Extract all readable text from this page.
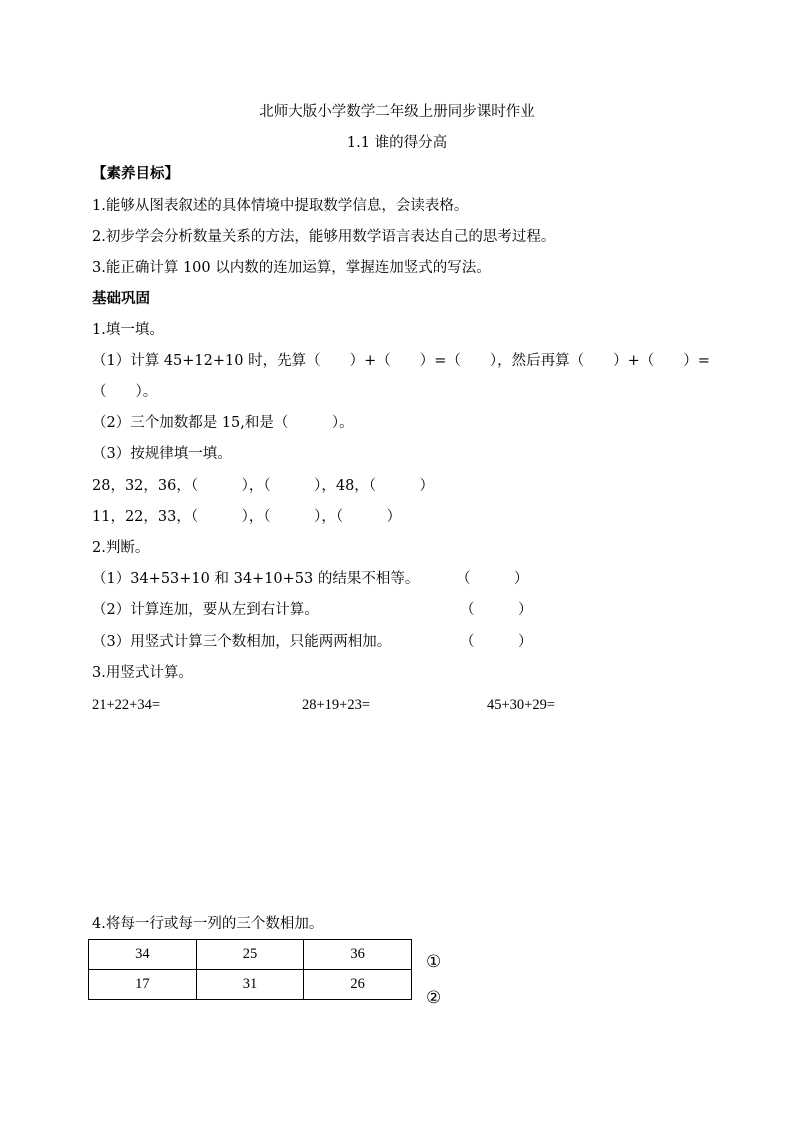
北师大版小学数学二年级上册同步课时作业
1.1 谁的得分高
【素养目标】
1.能够从图表叙述的具体情境中提取数学信息，会读表格。
2.初步学会分析数量关系的方法，能够用数学语言表达自己的思考过程。
3.能正确计算 100 以内数的连加运算，掌握连加竖式的写法。
基础巩固
1.填一填。
（1）计算 45+12+10 时，先算（　　）+（　　）=（　　），然后再算（　　）+（　　）=
（　　）。
（2）三个加数都是 15,和是（　　　）。
（3）按规律填一填。
28，32，36，（　　　），（　　　），48，（　　　）
11，22，33，（　　　），（　　　），（　　　）
2.判断。
（1）34+53+10 和 34+10+53 的结果不相等。	（　　　）
（2）计算连加，要从左到右计算。	（　　　）
（3）用竖式计算三个数相加，只能两两相加。	（　　　）
3.用竖式计算。
21+22+34=	28+19+23=	45+30+29=
4.将每一行或每一列的三个数相加。
34	25	36
17	31	26
①
②
